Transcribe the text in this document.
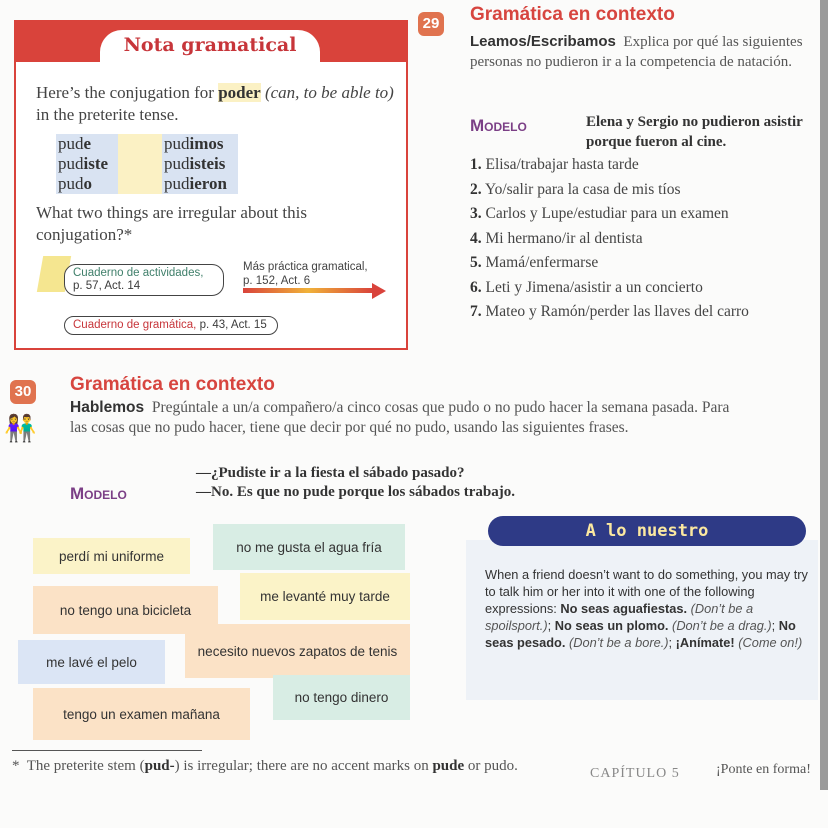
Nota gramatical
Here’s the conjugation for poder (can, to be able to) in the preterite tense.
pude	pudimos
pudiste	pudisteis
pudo	pudieron
What two things are irregular about this conjugation?*
Cuaderno de actividades,
p. 57, Act. 14
Más práctica gramatical,
p. 152, Act. 6
Cuaderno de gramática, p. 43, Act. 15
29 Gramática en contexto
Leamos/Escribamos Explica por qué las siguientes personas no pudieron ir a la competencia de natación.
Modelo	Elena y Sergio no pudieron asistir porque fueron al cine.
1. Elisa/trabajar hasta tarde
2. Yo/salir para la casa de mis tíos
3. Carlos y Lupe/estudiar para un examen
4. Mi hermano/ir al dentista
5. Mamá/enfermarse
6. Leti y Jimena/asistir a un concierto
7. Mateo y Ramón/perder las llaves del carro
30 Gramática en contexto
👫
Hablemos Pregúntale a un/a compañero/a cinco cosas que pudo o no pudo hacer la semana pasada. Para las cosas que no pudo hacer, tiene que decir por qué no pudo, usando las siguientes frases.
Modelo
—¿Pudiste ir a la fiesta el sábado pasado?
—No. Es que no pude porque los sábados trabajo.
perdí mi uniforme
no me gusta el agua fría
no tengo una bicicleta
me levanté muy tarde
me lavé el pelo
necesito nuevos zapatos de tenis
tengo un examen mañana
no tengo dinero
A lo nuestro
When a friend doesn’t want to do something, you may try to talk him or her into it with one of the following expressions: No seas aguafiestas. (Don’t be a spoilsport.); No seas un plomo. (Don’t be a drag.); No seas pesado. (Don’t be a bore.); ¡Anímate! (Come on!)
* The preterite stem (pud-) is irregular; there are no accent marks on pude or pudo.	CAPÍTULO 5	¡Ponte en forma!
